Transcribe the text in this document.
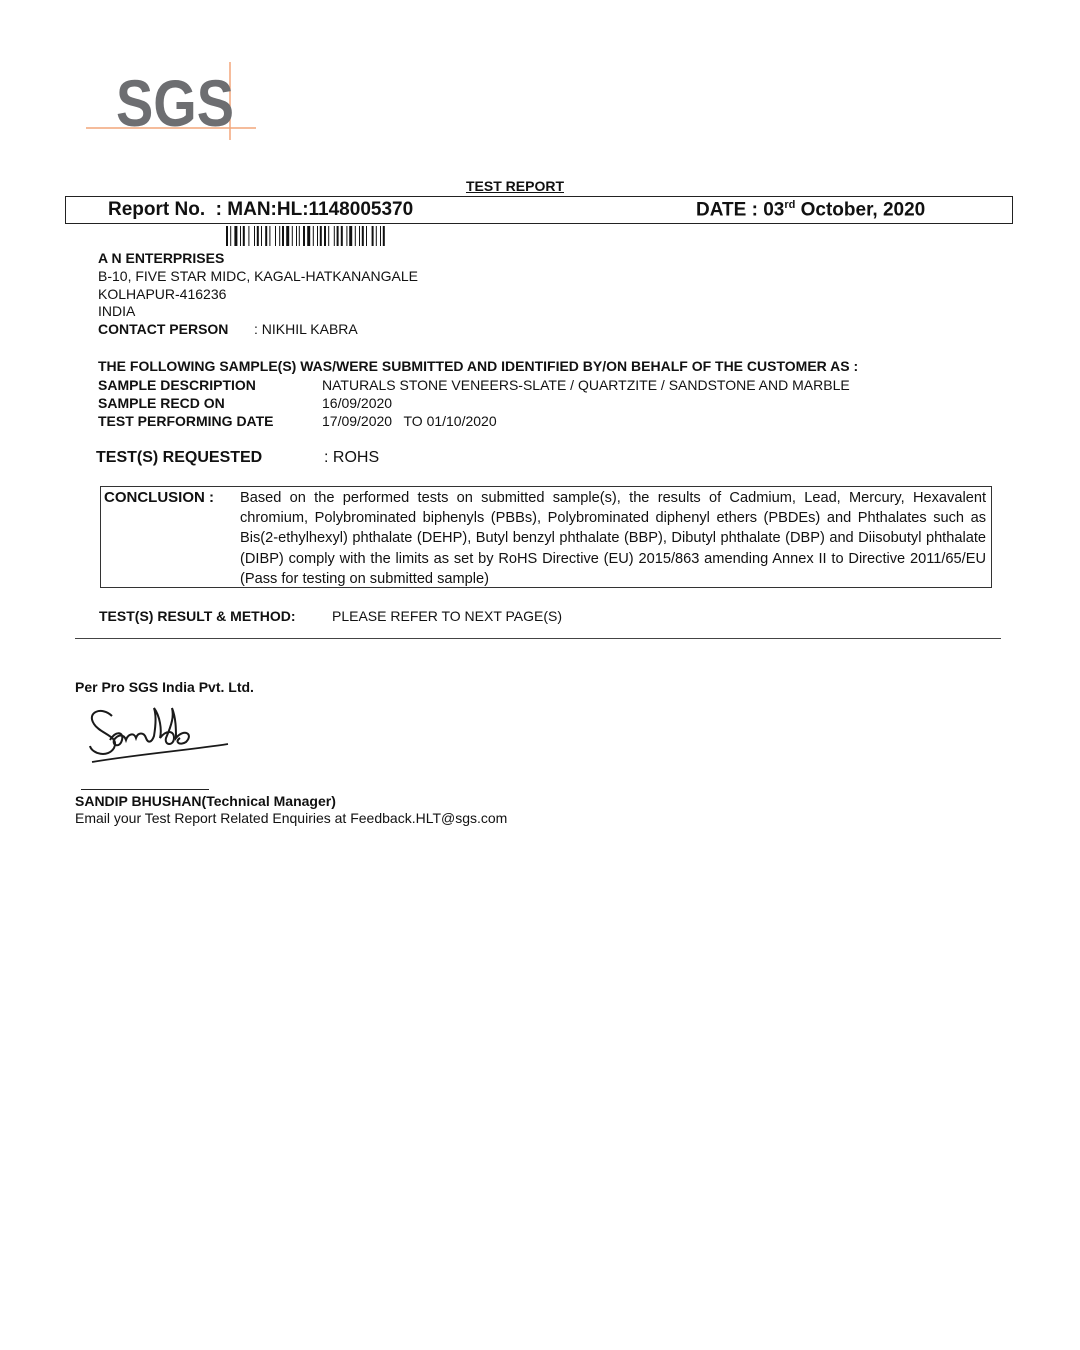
SGS
TEST REPORT
Report No. : MAN:HL:1148005370	DATE : 03rd October, 2020
A N ENTERPRISES
B-10, FIVE STAR MIDC, KAGAL-HATKANANGALE
KOLHAPUR-416236
INDIA
CONTACT PERSON : NIKHIL KABRA
THE FOLLOWING SAMPLE(S) WAS/WERE SUBMITTED AND IDENTIFIED BY/ON BEHALF OF THE CUSTOMER AS :
SAMPLE DESCRIPTION	NATURALS STONE VENEERS-SLATE / QUARTZITE / SANDSTONE AND MARBLE
SAMPLE RECD ON	16/09/2020
TEST PERFORMING DATE	17/09/2020   TO 01/10/2020
TEST(S) REQUESTED	: ROHS
CONCLUSION : Based on the performed tests on submitted sample(s), the results of Cadmium, Lead, Mercury, Hexavalent chromium, Polybrominated biphenyls (PBBs), Polybrominated diphenyl ethers (PBDEs) and Phthalates such as Bis(2-ethylhexyl) phthalate (DEHP), Butyl benzyl phthalate (BBP), Dibutyl phthalate (DBP) and Diisobutyl phthalate (DIBP) comply with the limits as set by RoHS Directive (EU) 2015/863 amending Annex II to Directive 2011/65/EU (Pass for testing on submitted sample)
TEST(S) RESULT & METHOD:	PLEASE REFER TO NEXT PAGE(S)
Per Pro SGS India Pvt. Ltd.
SANDIP BHUSHAN(Technical Manager)
Email your Test Report Related Enquiries at Feedback.HLT@sgs.com
